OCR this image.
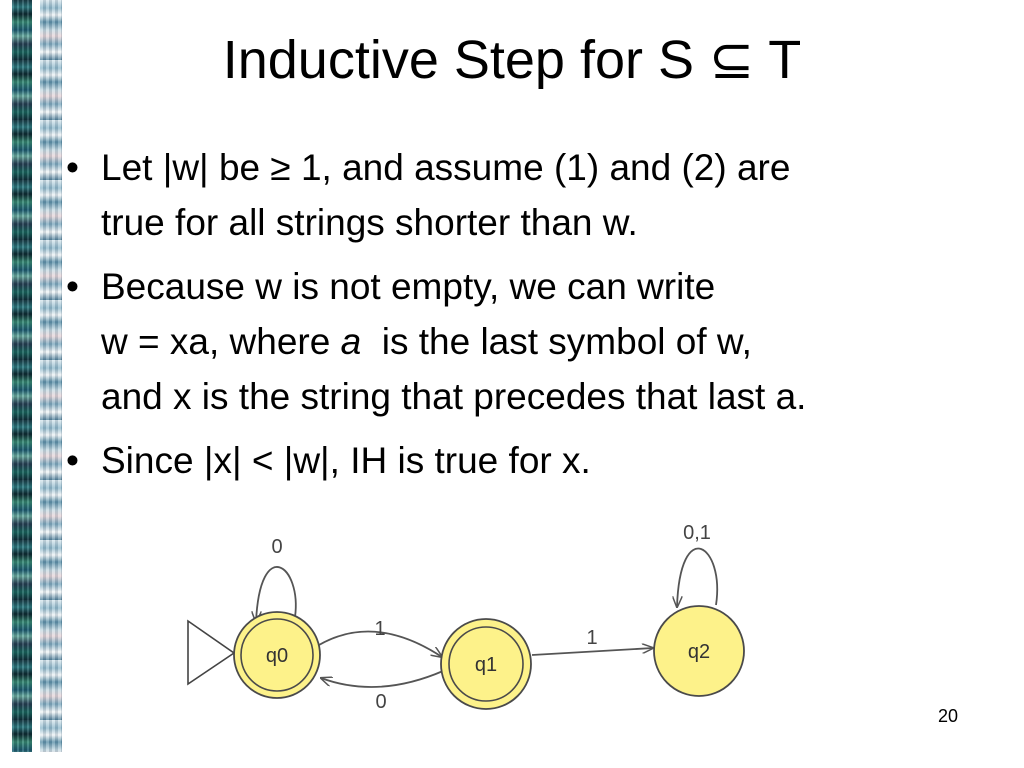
Inductive Step for S ⊆ T
• Let |w| be ≥ 1, and assume (1) and (2) are
true for all strings shorter than w.
• Because w is not empty, we can write
w = xa, where a  is the last symbol of w,
and x is the string that precedes that last a.
• Since |x| < |w|, IH is true for x.
0
1
0
1
0,1
q0	q1
q2
20
